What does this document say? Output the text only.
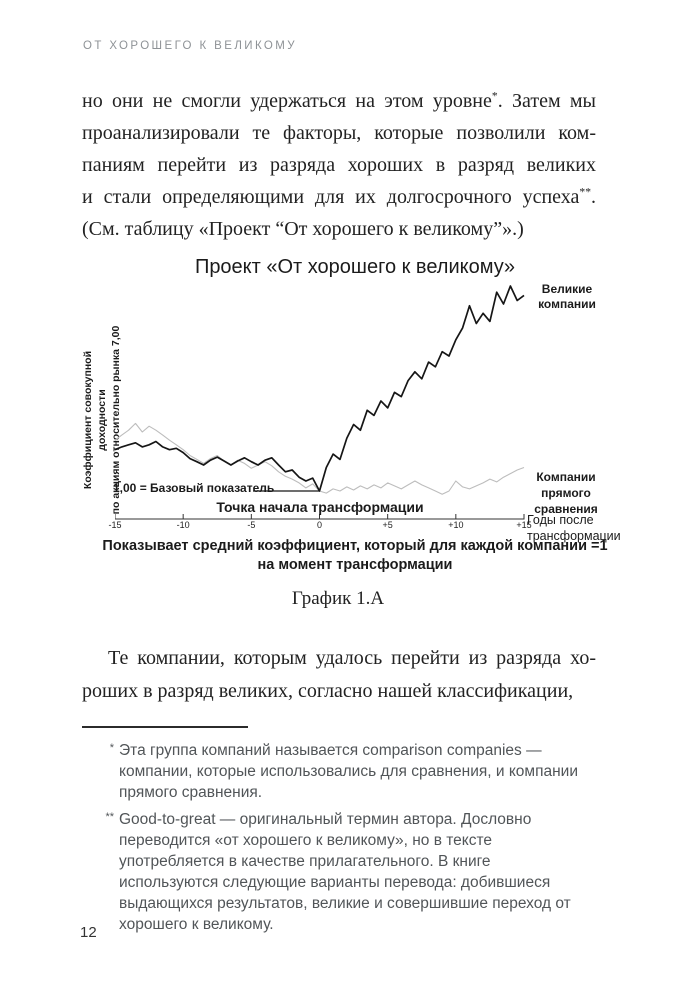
ОТ ХОРОШЕГО К ВЕЛИКОМУ
но они не смогли удержаться на этом уровне*. Затем мы
проанализировали те факторы, которые позволили ком-
паниям перейти из разряда хороших в разряд великих
и стали определяющими для их долгосрочного успеха**.
(См. таблицу «Проект “От хорошего к великому”».)
Проект «От хорошего к великому»
Коэффициент совокупной доходности по акциям относительно рынка 7,00
1,00 = Базовый показатель
Точка начала трансформации
-15	-10	-5	0	+5	+10	+15
Великие компании
Компании прямого сравнения
Годы после трансформации
Показывает средний коэффициент, который для каждой компании =1
на момент трансформации
График 1.А
Те компании, которым удалось перейти из разряда хо-
роших в разряд великих, согласно нашей классификации,
* Эта группа компаний называется comparison companies — компании, которые использовались для сравнения, и компании прямого сравнения.
** Good-to-great — оригинальный термин автора. Дословно переводится «от хорошего к великому», но в тексте употребляется в качестве прилагательного. В книге используются следующие варианты перевода: добившиеся выдающихся результатов, великие и совершившие переход от хорошего к великому.
12
